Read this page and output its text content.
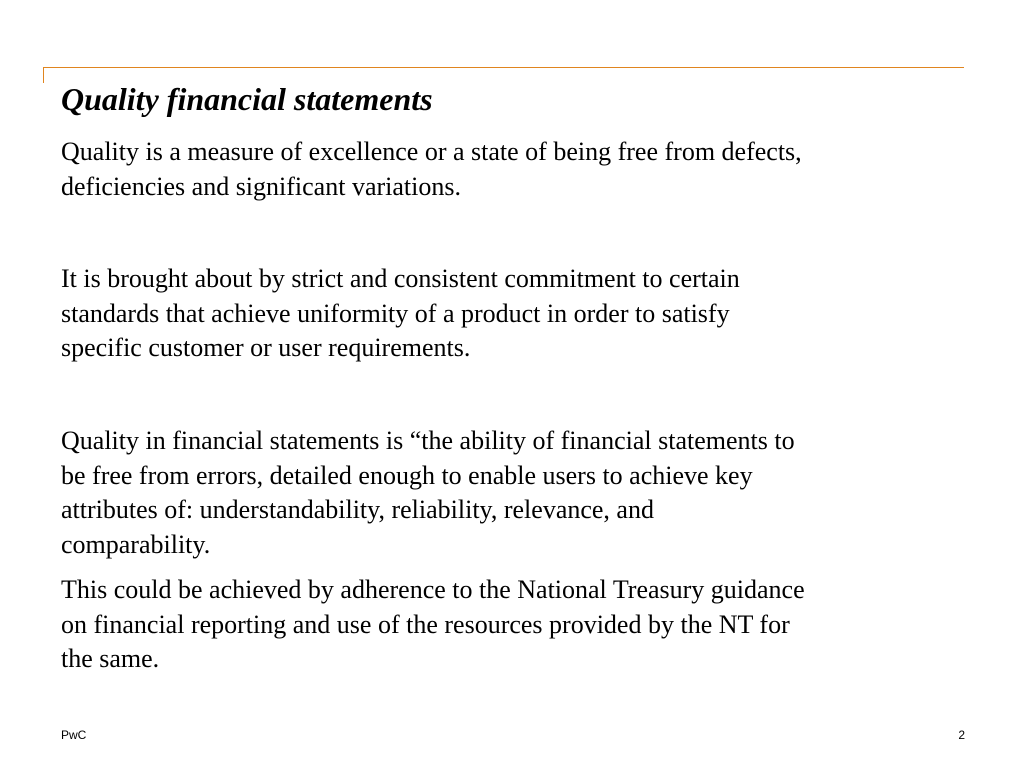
Quality financial statements

Quality is a measure of excellence or a state of being free from defects,
deficiencies and significant variations.

It is brought about by strict and consistent commitment to certain
standards that achieve uniformity of a product in order to satisfy
specific customer or user requirements.

Quality in financial statements is “the ability of financial statements to
be free from errors, detailed enough to enable users to achieve key
attributes of: understandability, reliability, relevance, and
comparability.

This could be achieved by adherence to the National Treasury guidance
on financial reporting and use of the resources provided by the NT for
the same.

PwC	2
